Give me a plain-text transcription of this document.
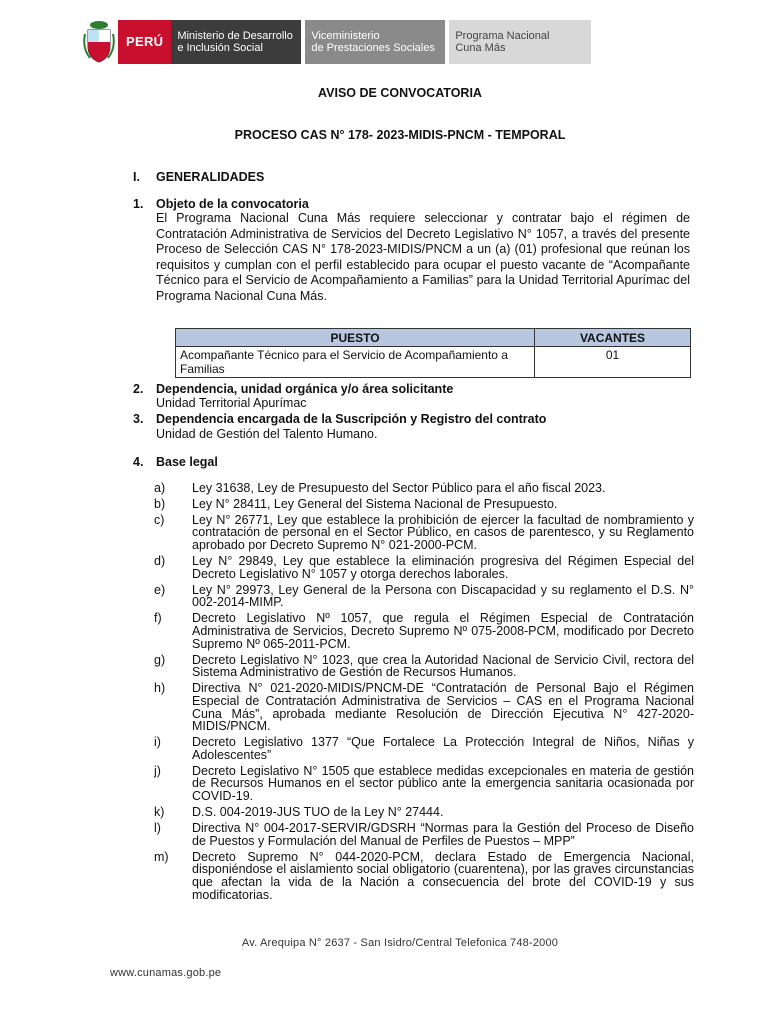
PERÚ Ministerio de Desarrollo
e Inclusión Social
Viceministerio
de Prestaciones Sociales
Programa Nacional
Cuna Más
AVISO DE CONVOCATORIA
PROCESO CAS N° 178- 2023-MIDIS-PNCM - TEMPORAL
I. GENERALIDADES
1. Objeto de la convocatoria
El Programa Nacional Cuna Más requiere seleccionar y contratar bajo el régimen de Contratación Administrativa de Servicios del Decreto Legislativo N° 1057, a través del presente Proceso de Selección CAS N° 178-2023-MIDIS/PNCM a un (a) (01) profesional que reúnan los requisitos y cumplan con el perfil establecido para ocupar el puesto vacante de “Acompañante Técnico para el Servicio de Acompañamiento a Familias” para la Unidad Territorial Apurímac del Programa Nacional Cuna Más.
PUESTO	VACANTES
Acompañante Técnico para el Servicio de Acompañamiento a Familias	01
2. Dependencia, unidad orgánica y/o área solicitante
Unidad Territorial Apurímac
3. Dependencia encargada de la Suscripción y Registro del contrato
Unidad de Gestión del Talento Humano.
4. Base legal
a)	Ley 31638, Ley de Presupuesto del Sector Público para el año fiscal 2023.
b)	Ley N° 28411, Ley General del Sistema Nacional de Presupuesto.
c)	Ley N° 26771, Ley que establece la prohibición de ejercer la facultad de nombramiento y contratación de personal en el Sector Público, en casos de parentesco, y su Reglamento aprobado por Decreto Supremo N° 021-2000-PCM.
d)	Ley N° 29849, Ley que establece la eliminación progresiva del Régimen Especial del Decreto Legislativo N° 1057 y otorga derechos laborales.
e)	Ley N° 29973, Ley General de la Persona con Discapacidad y su reglamento el D.S. N° 002-2014-MIMP.
f)	Decreto Legislativo Nº 1057, que regula el Régimen Especial de Contratación Administrativa de Servicios, Decreto Supremo Nº 075-2008-PCM, modificado por Decreto Supremo Nº 065-2011-PCM.
g)	Decreto Legislativo N° 1023, que crea la Autoridad Nacional de Servicio Civil, rectora del Sistema Administrativo de Gestión de Recursos Humanos.
h)	Directiva N° 021-2020-MIDIS/PNCM-DE “Contratación de Personal Bajo el Régimen Especial de Contratación Administrativa de Servicios – CAS en el Programa Nacional Cuna Más”, aprobada mediante Resolución de Dirección Ejecutiva N° 427-2020-MIDIS/PNCM.
i)	Decreto Legislativo 1377 “Que Fortalece La Protección Integral de Niños, Niñas y Adolescentes”
j)	Decreto Legislativo N° 1505 que establece medidas excepcionales en materia de gestión de Recursos Humanos en el sector público ante la emergencia sanitaria ocasionada por COVID-19.
k)	D.S. 004-2019-JUS TUO de la Ley N° 27444.
l)	Directiva N° 004-2017-SERVIR/GDSRH “Normas para la Gestión del Proceso de Diseño de Puestos y Formulación del Manual de Perfiles de Puestos – MPP”
m)	Decreto Supremo N° 044-2020-PCM, declara Estado de Emergencia Nacional, disponiéndose el aislamiento social obligatorio (cuarentena), por las graves circunstancias que afectan la vida de la Nación a consecuencia del brote del COVID-19 y sus modificatorias.
Av. Arequipa N° 2637 - San Isidro/Central Telefonica 748-2000
www.cunamas.gob.pe
